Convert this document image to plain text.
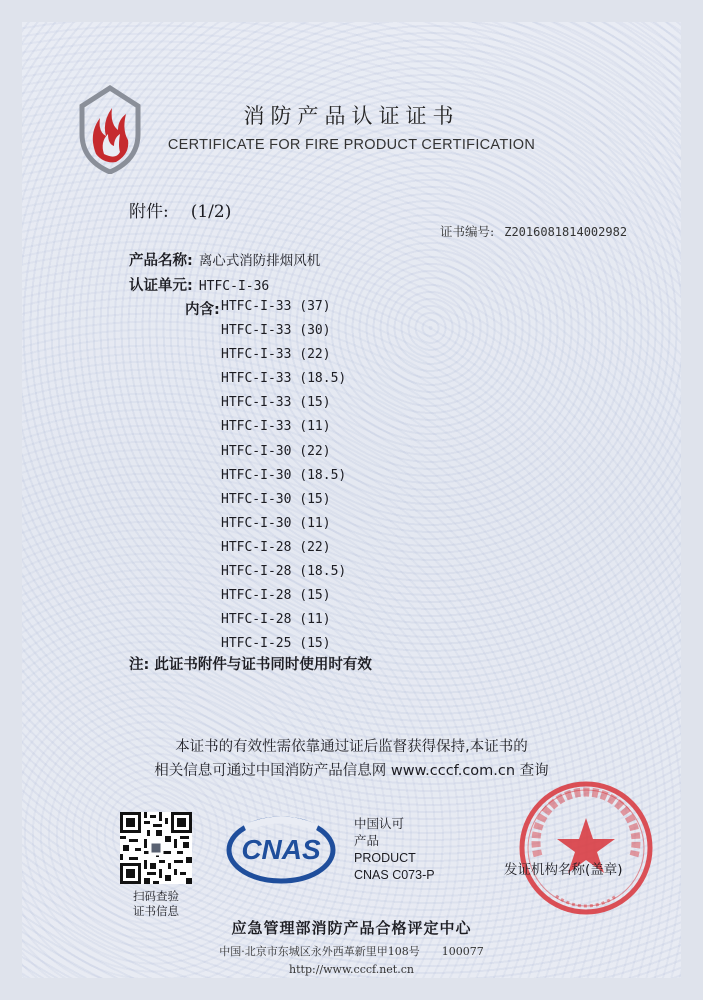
消防产品认证证书
CERTIFICATE FOR FIRE PRODUCT CERTIFICATION
附件: (1/2)
证书编号: Z2016081814002982
产品名称: 离心式消防排烟风机
认证单元: HTFC-I-36
内含: HTFC-I-33 (37)
HTFC-I-33 (30)
HTFC-I-33 (22)
HTFC-I-33 (18.5)
HTFC-I-33 (15)
HTFC-I-33 (11)
HTFC-I-30 (22)
HTFC-I-30 (18.5)
HTFC-I-30 (15)
HTFC-I-30 (11)
HTFC-I-28 (22)
HTFC-I-28 (18.5)
HTFC-I-28 (15)
HTFC-I-28 (11)
HTFC-I-25 (15)
注: 此证书附件与证书同时使用时有效
本证书的有效性需依靠通过证后监督获得保持,本证书的
相关信息可通过中国消防产品信息网 www.cccf.com.cn 查询
扫码查验
证书信息
CNAS
中国认可
产品
PRODUCT
CNAS C073-P	发证机构名称(盖章)
应急管理部消防产品合格评定中心
中国·北京市东城区永外西革新里甲108号 100077
http://www.cccf.net.cn
